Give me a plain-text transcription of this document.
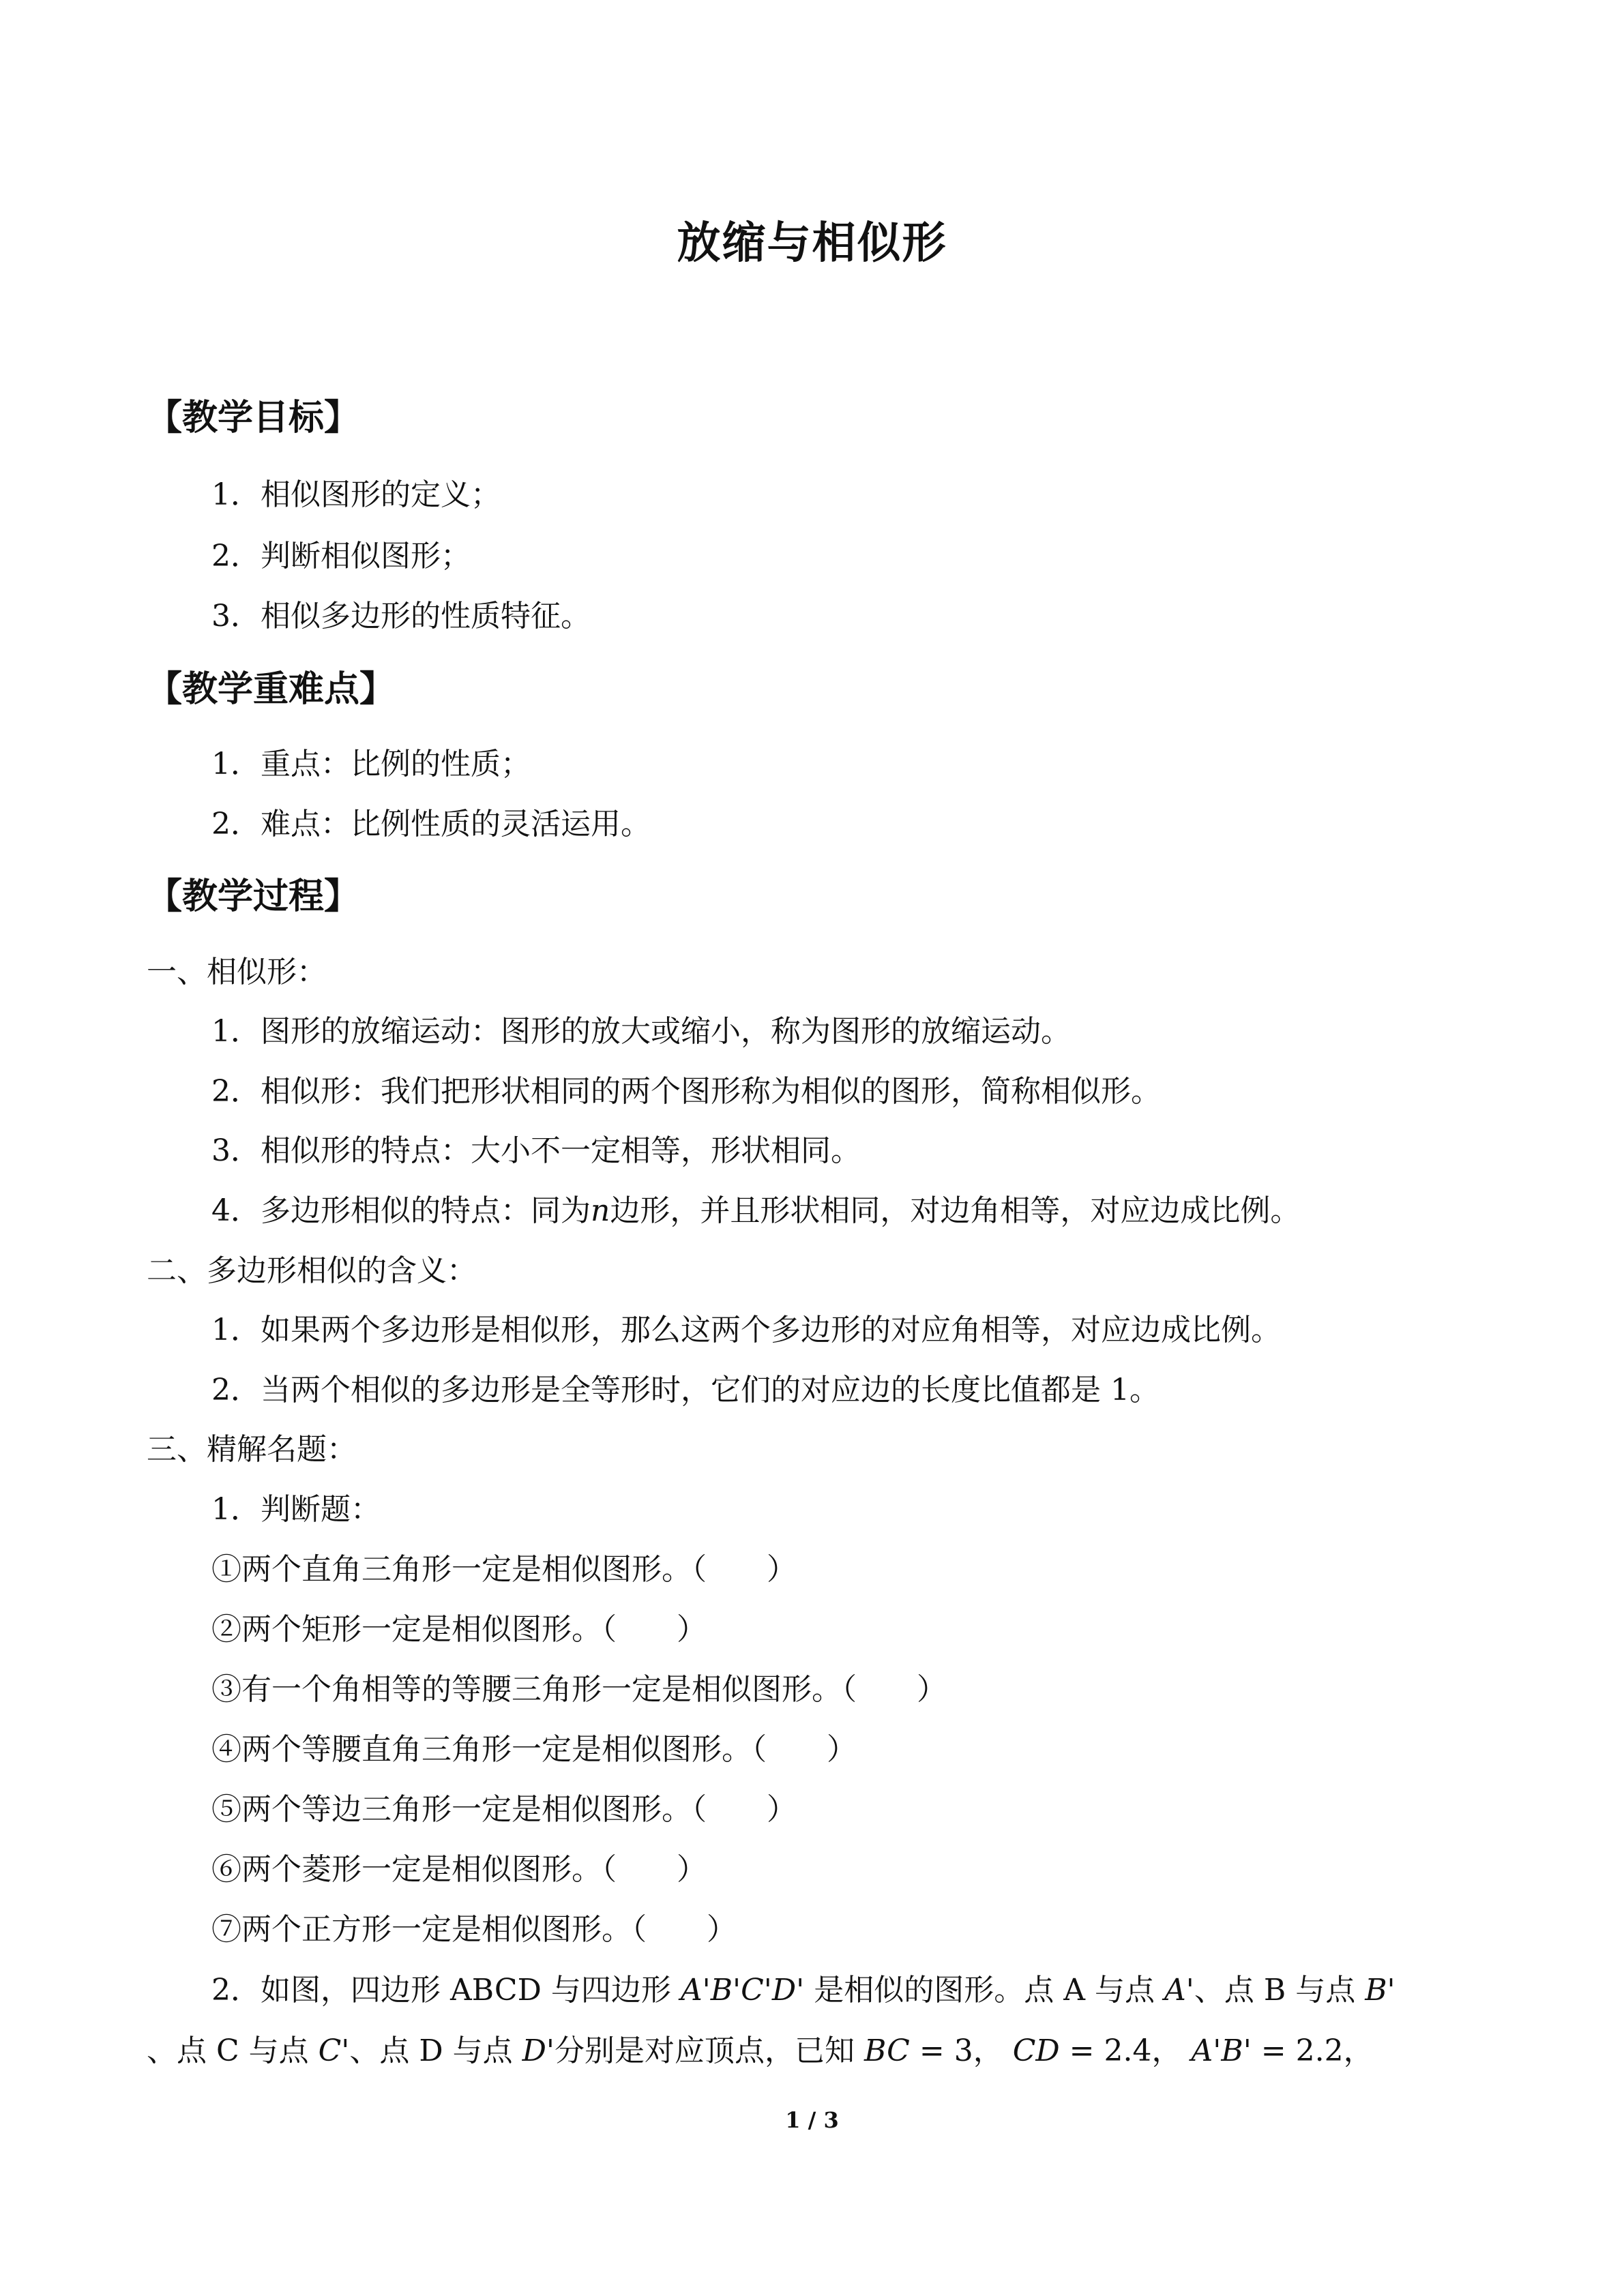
放缩与相似形
【教学目标】
1．相似图形的定义；
2．判断相似图形；
3．相似多边形的性质特征。
【教学重难点】
1．重点：比例的性质；
2．难点：比例性质的灵活运用。
【教学过程】
一、相似形：
1．图形的放缩运动：图形的放大或缩小，称为图形的放缩运动。
2．相似形：我们把形状相同的两个图形称为相似的图形，简称相似形。
3．相似形的特点：大小不一定相等，形状相同。
4．多边形相似的特点：同为n边形，并且形状相同，对边角相等，对应边成比例。
二、多边形相似的含义：
1．如果两个多边形是相似形，那么这两个多边形的对应角相等，对应边成比例。
2．当两个相似的多边形是全等形时，它们的对应边的长度比值都是 1。
三、精解名题：
1．判断题：
①两个直角三角形一定是相似图形。（　　）
②两个矩形一定是相似图形。（　　）
③有一个角相等的等腰三角形一定是相似图形。（　　）
④两个等腰直角三角形一定是相似图形。（　　）
⑤两个等边三角形一定是相似图形。（　　）
⑥两个菱形一定是相似图形。（　　）
⑦两个正方形一定是相似图形。（　　）
2．如图，四边形 ABCD 与四边形 A'B'C'D' 是相似的图形。点 A 与点 A'、点 B 与点 B'
、点 C 与点 C'、点 D 与点 D'分别是对应顶点，已知 BC = 3， CD = 2.4， A'B' = 2.2，
1 / 3
